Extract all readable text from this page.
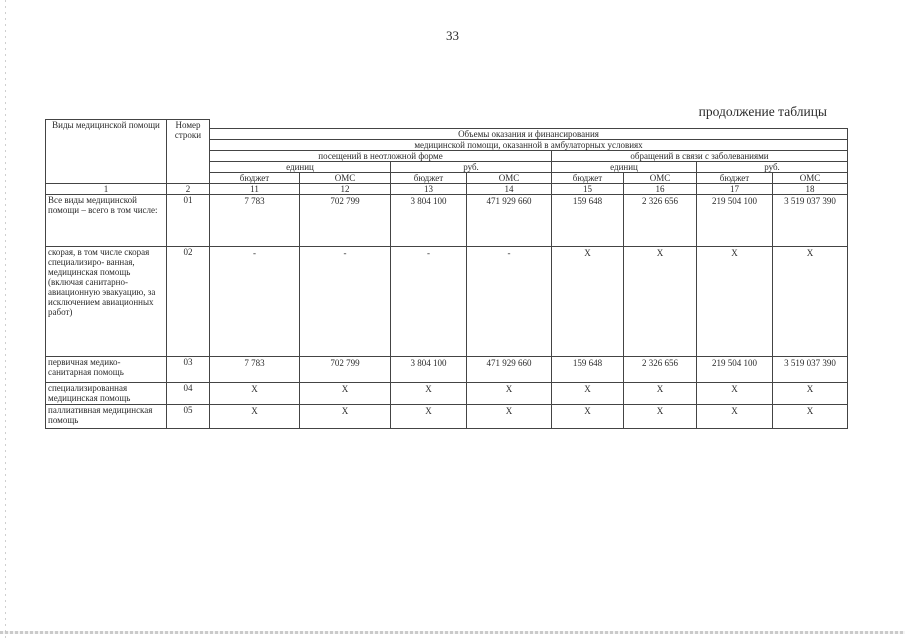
33
продолжение таблицы
Виды медицинской помощи	Номер строки								
		Объемы оказания и финансирования							
		медицинской помощи, оказанной в амбулаторных условиях							
		посещений в неотложной форме				обращений в связи с заболеваниями			
		единиц		руб.		единиц		руб.	
		бюджет	ОМС	бюджет	ОМС	бюджет	ОМС	бюджет	ОМС
1	2	11	12	13	14	15	16	17	18
Все виды медицинской помощи – всего в том числе:	01	7 783	702 799	3 804 100	471 929 660	159 648	2 326 656	219 504 100	3 519 037 390
скорая, в том числе скорая специализиро- ванная, медицинская помощь (включая санитарно- авиационную эвакуацию, за исключением авиационных работ)	02	-	-	-	-	Х	Х	Х	Х
первичная медико- санитарная помощь	03	7 783	702 799	3 804 100	471 929 660	159 648	2 326 656	219 504 100	3 519 037 390
специализированная медицинская помощь	04	Х	Х	Х	Х	Х	Х	Х	Х
паллиативная медицинская помощь	05	Х	Х	Х	Х	Х	Х	Х	Х
